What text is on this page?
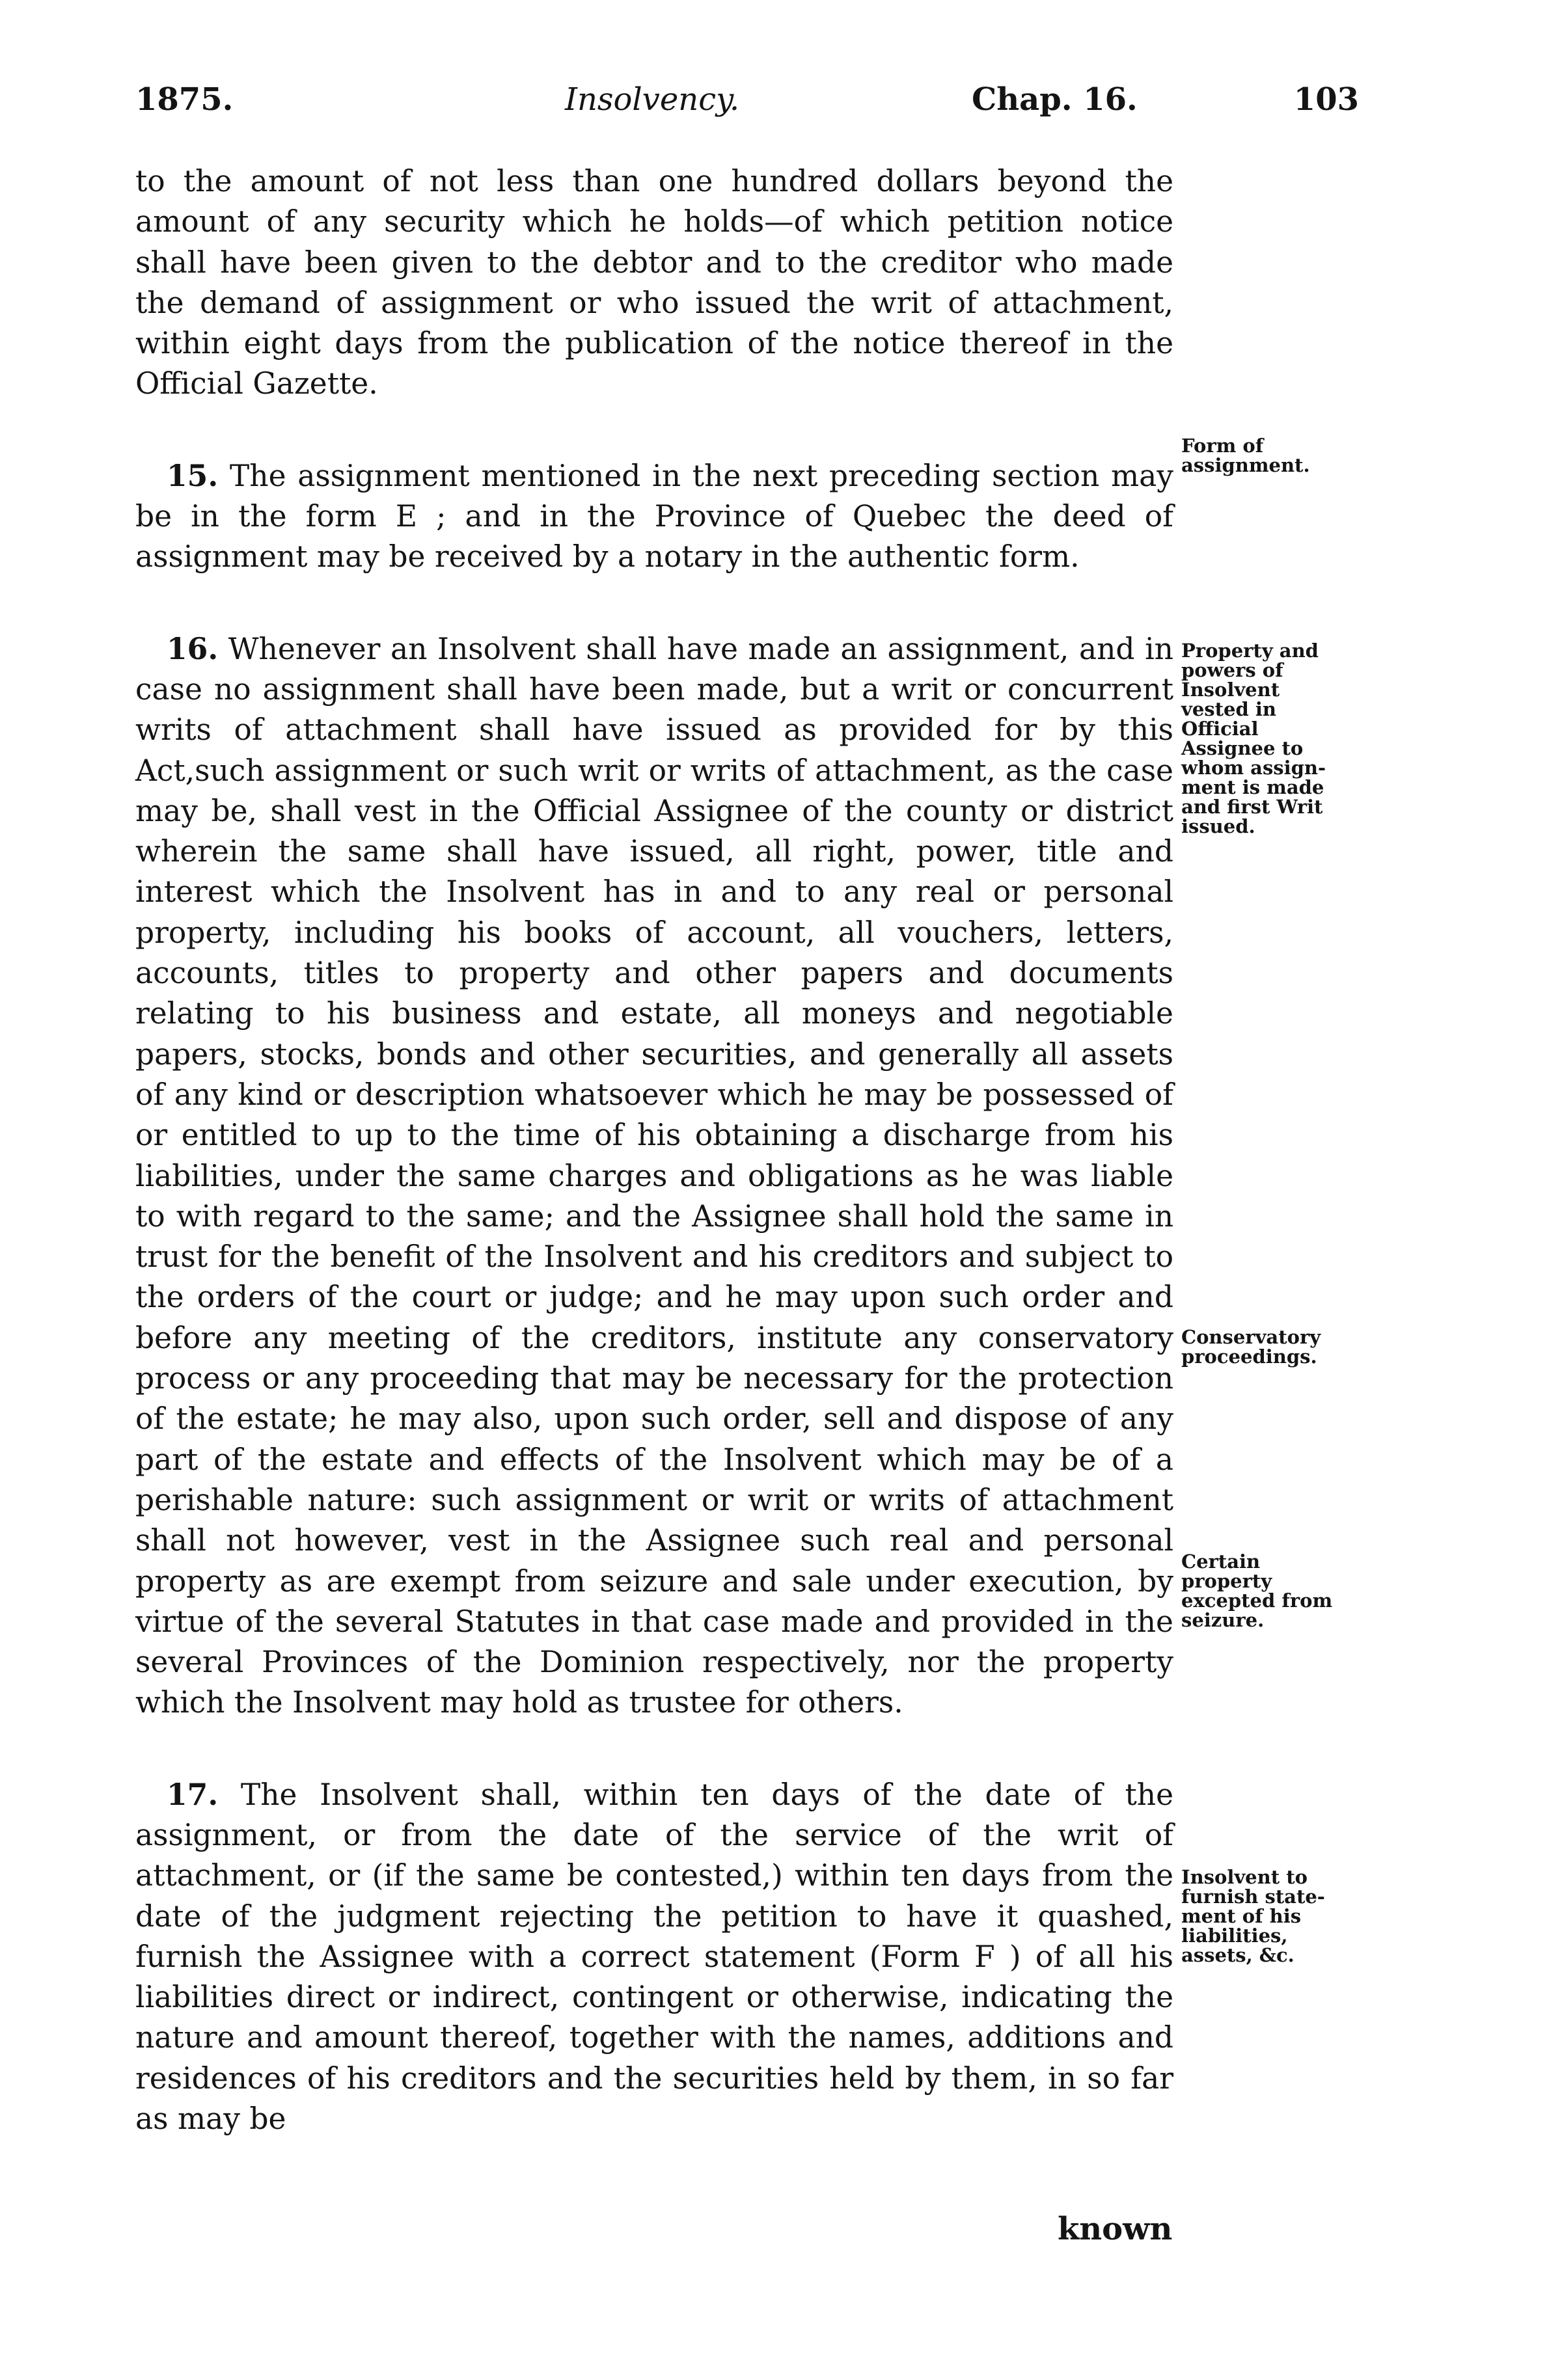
1875.	Insolvency.	Chap. 16.	103

to the amount of not less than one hundred dollars beyond the amount of any security which he holds—of which petition notice shall have been given to the debtor and to the creditor who made the demand of assignment or who issued the writ of attachment, within eight days from the publication of the notice thereof in the Official Gazette.

15. The assignment mentioned in the next preceding section may be in the form E ; and in the Province of Quebec the deed of assignment may be received by a notary in the authentic form.

16. Whenever an Insolvent shall have made an assignment, and in case no assignment shall have been made, but a writ or concurrent writs of attachment shall have issued as provided for by this Act,such assignment or such writ or writs of attachment, as the case may be, shall vest in the Official Assignee of the county or district wherein the same shall have issued, all right, power, title and interest which the Insolvent has in and to any real or personal property, including his books of account, all vouchers, letters, accounts, titles to property and other papers and documents relating to his business and estate, all moneys and negotiable papers, stocks, bonds and other securities, and generally all assets of any kind or description whatsoever which he may be possessed of or entitled to up to the time of his obtaining a discharge from his liabilities, under the same charges and obligations as he was liable to with regard to the same; and the Assignee shall hold the same in trust for the benefit of the Insolvent and his creditors and subject to the orders of the court or judge; and he may upon such order and before any meeting of the creditors, institute any conservatory process or any proceeding that may be necessary for the protection of the estate; he may also, upon such order, sell and dispose of any part of the estate and effects of the Insolvent which may be of a perishable nature: such assignment or writ or writs of attachment shall not however, vest in the Assignee such real and personal property as are exempt from seizure and sale under execution, by virtue of the several Statutes in that case made and provided in the several Provinces of the Dominion respectively, nor the property which the Insolvent may hold as trustee for others.

17. The Insolvent shall, within ten days of the date of the assignment, or from the date of the service of the writ of attachment, or (if the same be contested,) within ten days from the date of the judgment rejecting the petition to have it quashed, furnish the Assignee with a correct statement (Form F ) of all his liabilities direct or indirect, contingent or otherwise, indicating the nature and amount thereof, together with the names, additions and residences of his creditors and the securities held by them, in so far as may be

Form of
assignment.
Property and
powers of
Insolvent
vested in
Official
Assignee to
whom assign-
ment is made
and first Writ
issued.
Conservatory
proceedings.
Certain
property
excepted from
seizure.
Insolvent to
furnish state-
ment of his
liabilities,
assets, &c.
known
